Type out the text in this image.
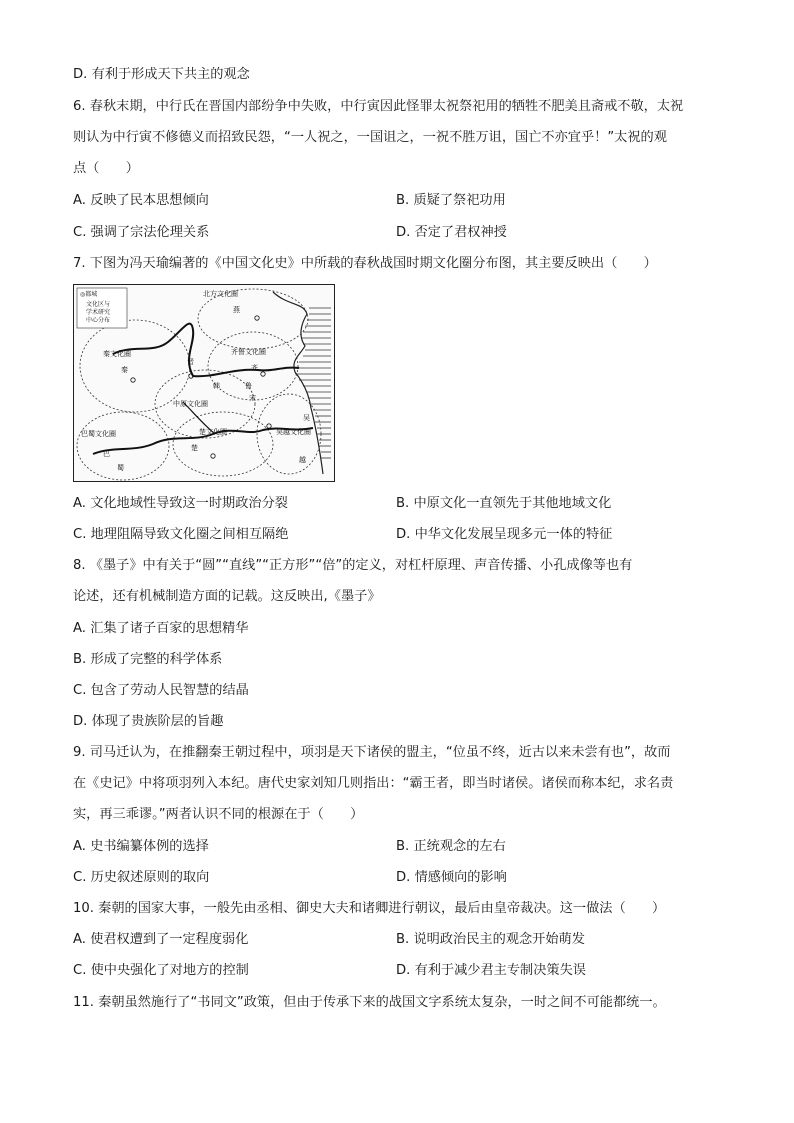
D. 有利于形成天下共主的观念
6. 春秋末期，中行氏在晋国内部纷争中失败，中行寅因此怪罪太祝祭祀用的牺牲不肥美且斋戒不敬，太祝
则认为中行寅不修德义而招致民怨，“一人祝之，一国诅之，一祝不胜万诅，国亡不亦宜乎！”太祝的观
点（　　）
A. 反映了民本思想倾向	B. 质疑了祭祀功用
C. 强调了宗法伦理关系	D. 否定了君权神授
7. 下图为冯天瑜编著的《中国文化史》中所载的春秋战国时期文化圈分布图，其主要反映出（　　）
◎都城
文化区与
学术研究
中心分布
北方文化圈
秦文化圈	齐鲁文化圈
中原文化圈
巴蜀文化圈	楚文化圈	吴越文化圈
燕
秦
晋
齐
鲁
韩
宋
巴
蜀
楚
吴
越
A. 文化地域性导致这一时期政治分裂	B. 中原文化一直领先于其他地域文化
C. 地理阻隔导致文化圈之间相互隔绝	D. 中华文化发展呈现多元一体的特征
8. 《墨子》中有关于“圆”“直线”“正方形”“倍”的定义，对杠杆原理、声音传播、小孔成像等也有
论述，还有机械制造方面的记载。这反映出,《墨子》
A. 汇集了诸子百家的思想精华
B. 形成了完整的科学体系
C. 包含了劳动人民智慧的结晶
D. 体现了贵族阶层的旨趣
9. 司马迁认为，在推翻秦王朝过程中，项羽是天下诸侯的盟主，“位虽不终，近古以来未尝有也”，故而
在《史记》中将项羽列入本纪。唐代史家刘知几则指出：“霸王者，即当时诸侯。诸侯而称本纪，求名责
实，再三乖谬。”两者认识不同的根源在于（　　）
A. 史书编纂体例的选择	B. 正统观念的左右
C. 历史叙述原则的取向	D. 情感倾向的影响
10. 秦朝的国家大事，一般先由丞相、御史大夫和诸卿进行朝议，最后由皇帝裁决。这一做法（　　）
A. 使君权遭到了一定程度弱化	B. 说明政治民主的观念开始萌发
C. 使中央强化了对地方的控制	D. 有利于减少君主专制决策失误
11. 秦朝虽然施行了“书同文”政策，但由于传承下来的战国文字系统太复杂，一时之间不可能都统一。
